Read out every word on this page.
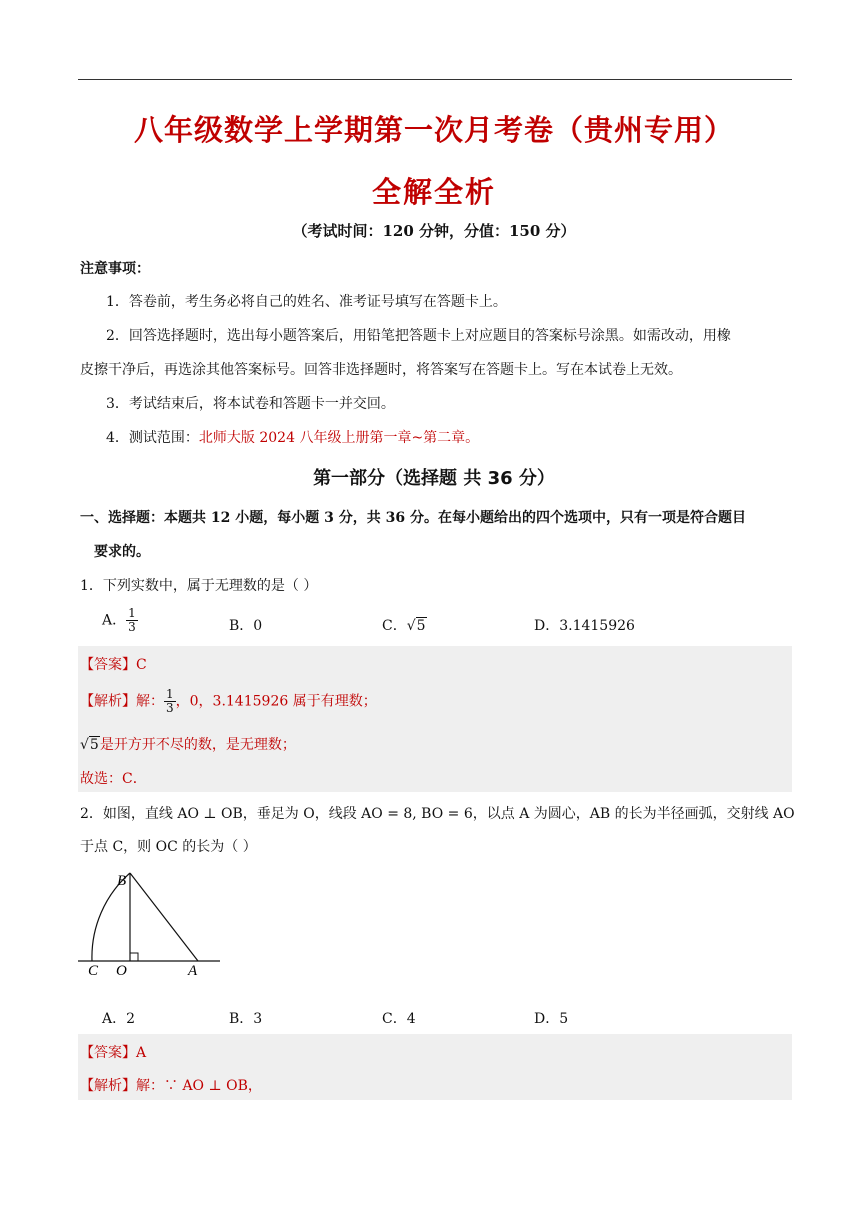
八年级数学上学期第一次月考卷（贵州专用）
全解全析
（考试时间：120 分钟，分值：150 分）
注意事项：
1．答卷前，考生务必将自己的姓名、准考证号填写在答题卡上。
2．回答选择题时，选出每小题答案后，用铅笔把答题卡上对应题目的答案标号涂黑。如需改动，用橡
皮擦干净后，再选涂其他答案标号。回答非选择题时，将答案写在答题卡上。写在本试卷上无效。
3．考试结束后，将本试卷和答题卡一并交回。
4．测试范围：北师大版 2024 八年级上册第一章~第二章。
第一部分（选择题 共 36 分）
一、选择题：本题共 12 小题，每小题 3 分，共 36 分。在每小题给出的四个选项中，只有一项是符合题目
要求的。
1．下列实数中，属于无理数的是（ ）
A． $\frac{1}{3}$	B．0	C．√5	D．3.1415926
【答案】C
【解析】解： $\frac{1}{3}$ ，0，3.1415926 属于有理数；
√5是开方开不尽的数，是无理数；
故选：C．
2．如图，直线 AO ⊥ OB，垂足为 O，线段 AO = 8, BO = 6，以点 A 为圆心，AB 的长为半径画弧，交射线 AO
于点 C，则 OC 的长为（ ）
B
C O	A
A．2	B．3	C．4	D．5
【答案】A
【解析】解：∵ AO ⊥ OB，
